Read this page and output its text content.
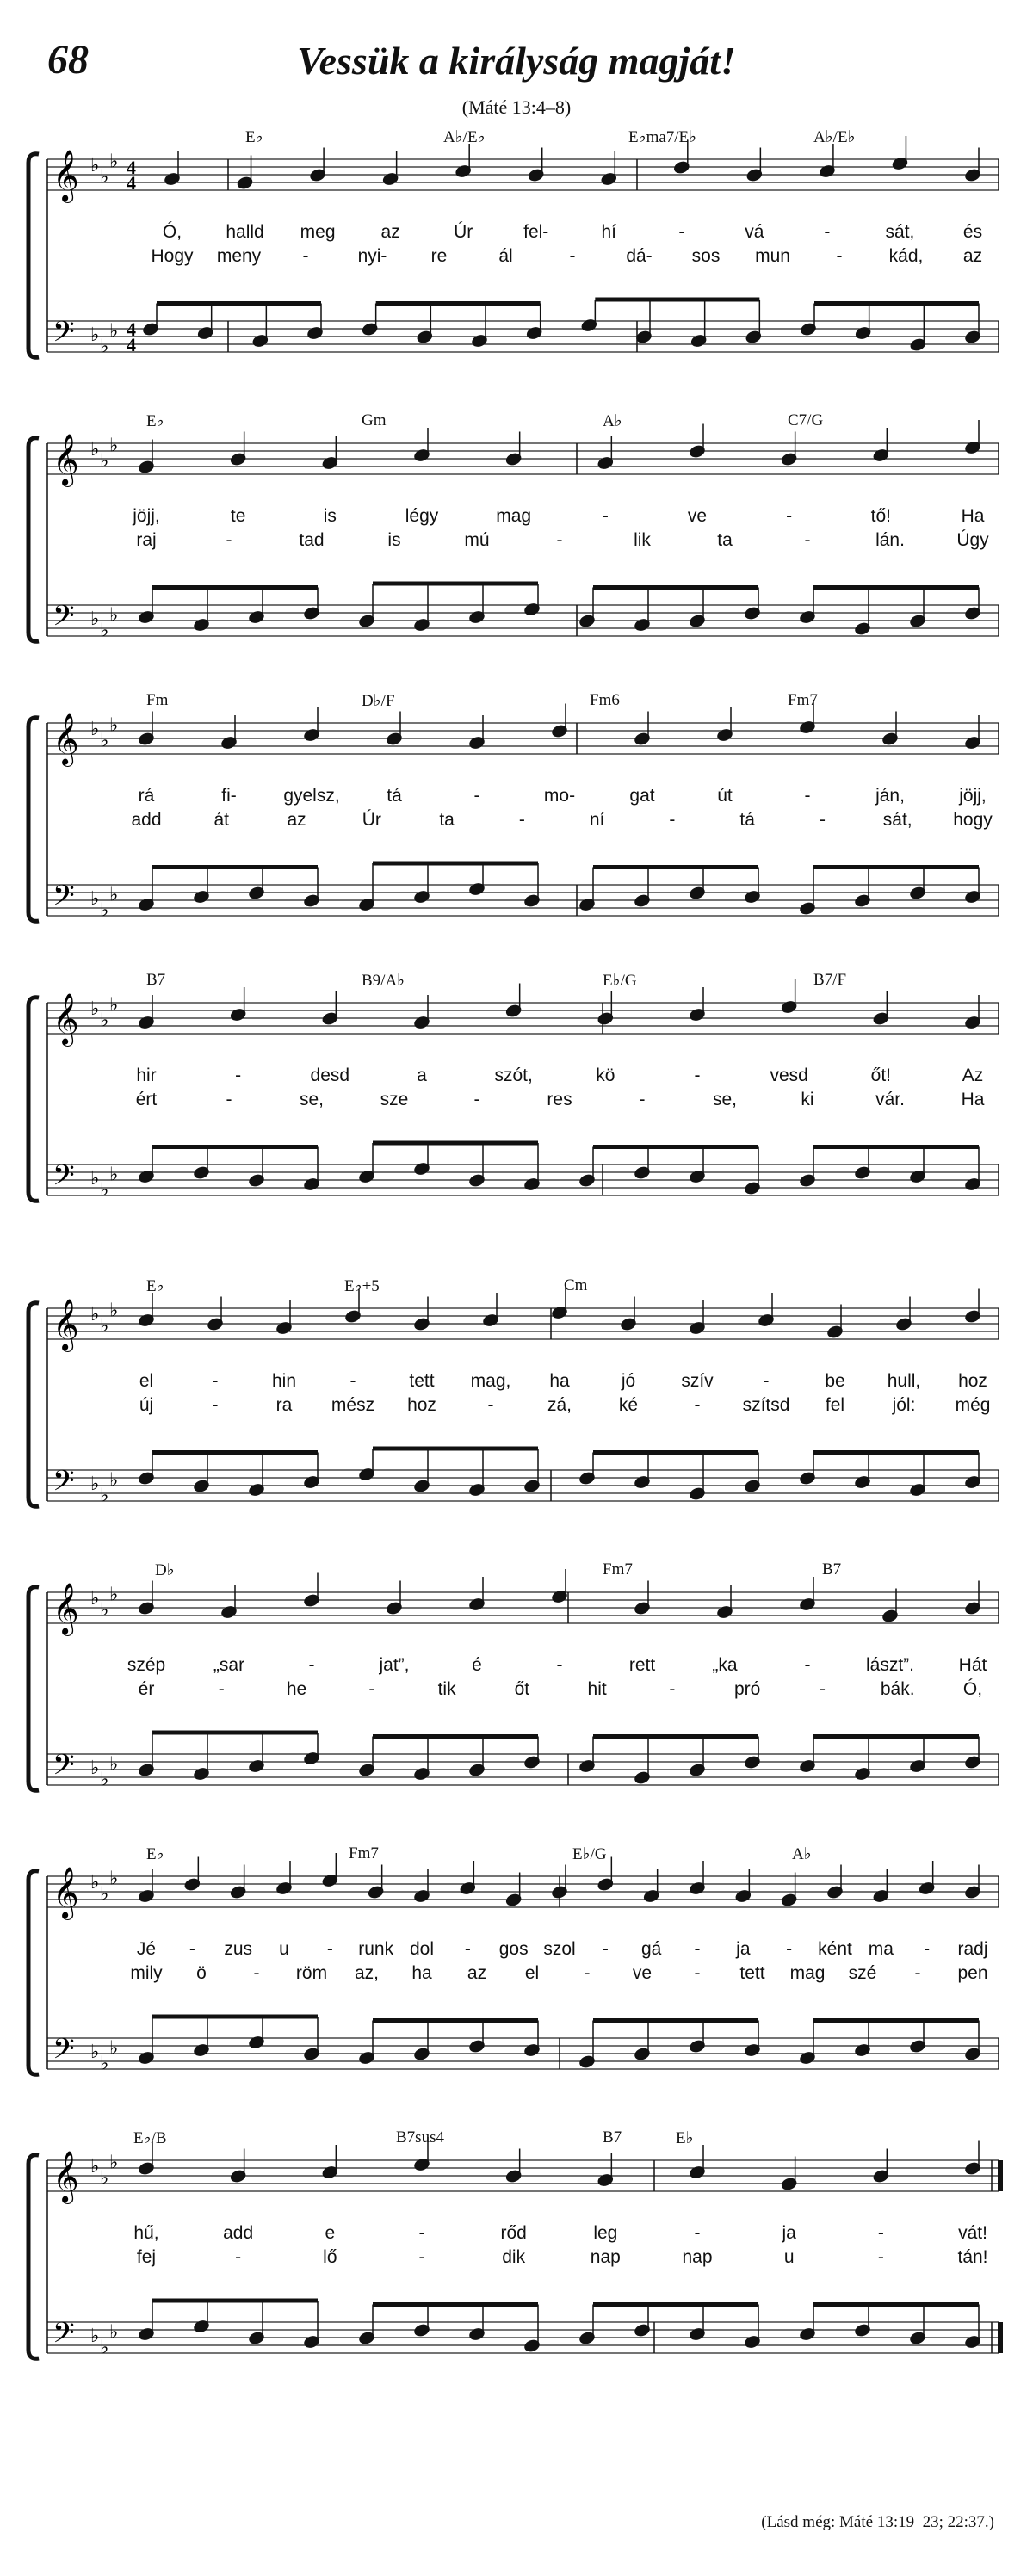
68	Vessük a királyság magját!
(Máté 13:4–8)
𝄞
𝄢
♭
♭
♭
♭
♭
♭
4
4
4
4
E♭	A♭/E♭	E♭ma7/E♭	A♭/E♭
Ó, halld meg	az	Úr	fel-	hí	-	vá	-	sát,	és
Hogy meny -	nyi- re	ál	-	dá- sos mun	-	kád, az
𝄞
𝄢
♭
♭
♭
♭
♭
♭
E♭	Gm	A♭	C7/G
jöjj,	te	is	légy	mag	-	ve	-	tő!	Ha
raj	-	tad	is	mú	-	lik	ta	-	lán.	Úgy
𝄞
𝄢
♭
♭
♭
♭
♭
♭
Fm	D♭/F	Fm6	Fm7
rá	fi-	gyelsz,	tá	-	mo-	gat	út	-	ján,	jöjj,
add	át	az	Úr	ta	-	ní	-	tá	-	sát, hogy
𝄞
𝄢
♭
♭
♭
♭
♭
♭
B7	B9/A♭	E♭/G	B7/F
hir	-	desd	a	szót,	kö	-	vesd	őt!	Az
ért	-	se,	sze	-	res	-	se,	ki	vár.	Ha
𝄞
𝄢
♭
♭
♭
♭
♭
♭
E♭	E♭+5	Cm
el	-	hin	-	tett mag, ha	jó	szív	-	be hull, hoz
új	-	ra mész hoz	-	zá,	ké	- szítsd fel	jól: még
𝄞
𝄢
♭
♭
♭
♭
♭
♭
D♭	Fm7	B7
szép	„sar	-	jat”,	é	-	rett	„ka	-	lászt”. Hát
ér	-	he	-	tik	őt	hit	-	pró	-	bák.	Ó,
𝄞
𝄢
♭
♭
♭
♭
♭
♭
E♭	Fm7	E♭/G	A♭
Jé - zus u - runk dol - gos szol - gá - ja - ként ma - radj
mily ö	- röm az, ha az el - ve - tett mag szé - pen
𝄞
𝄢
♭
♭
♭
♭
♭
♭
E♭/B	B7sus4	B7	E♭
hű,	add	e	-	rőd	leg	-	ja	-	vát!
fej	-	lő	-	dik	nap	nap	u	-	tán!
(Lásd még: Máté 13:19–23; 22:37.)
